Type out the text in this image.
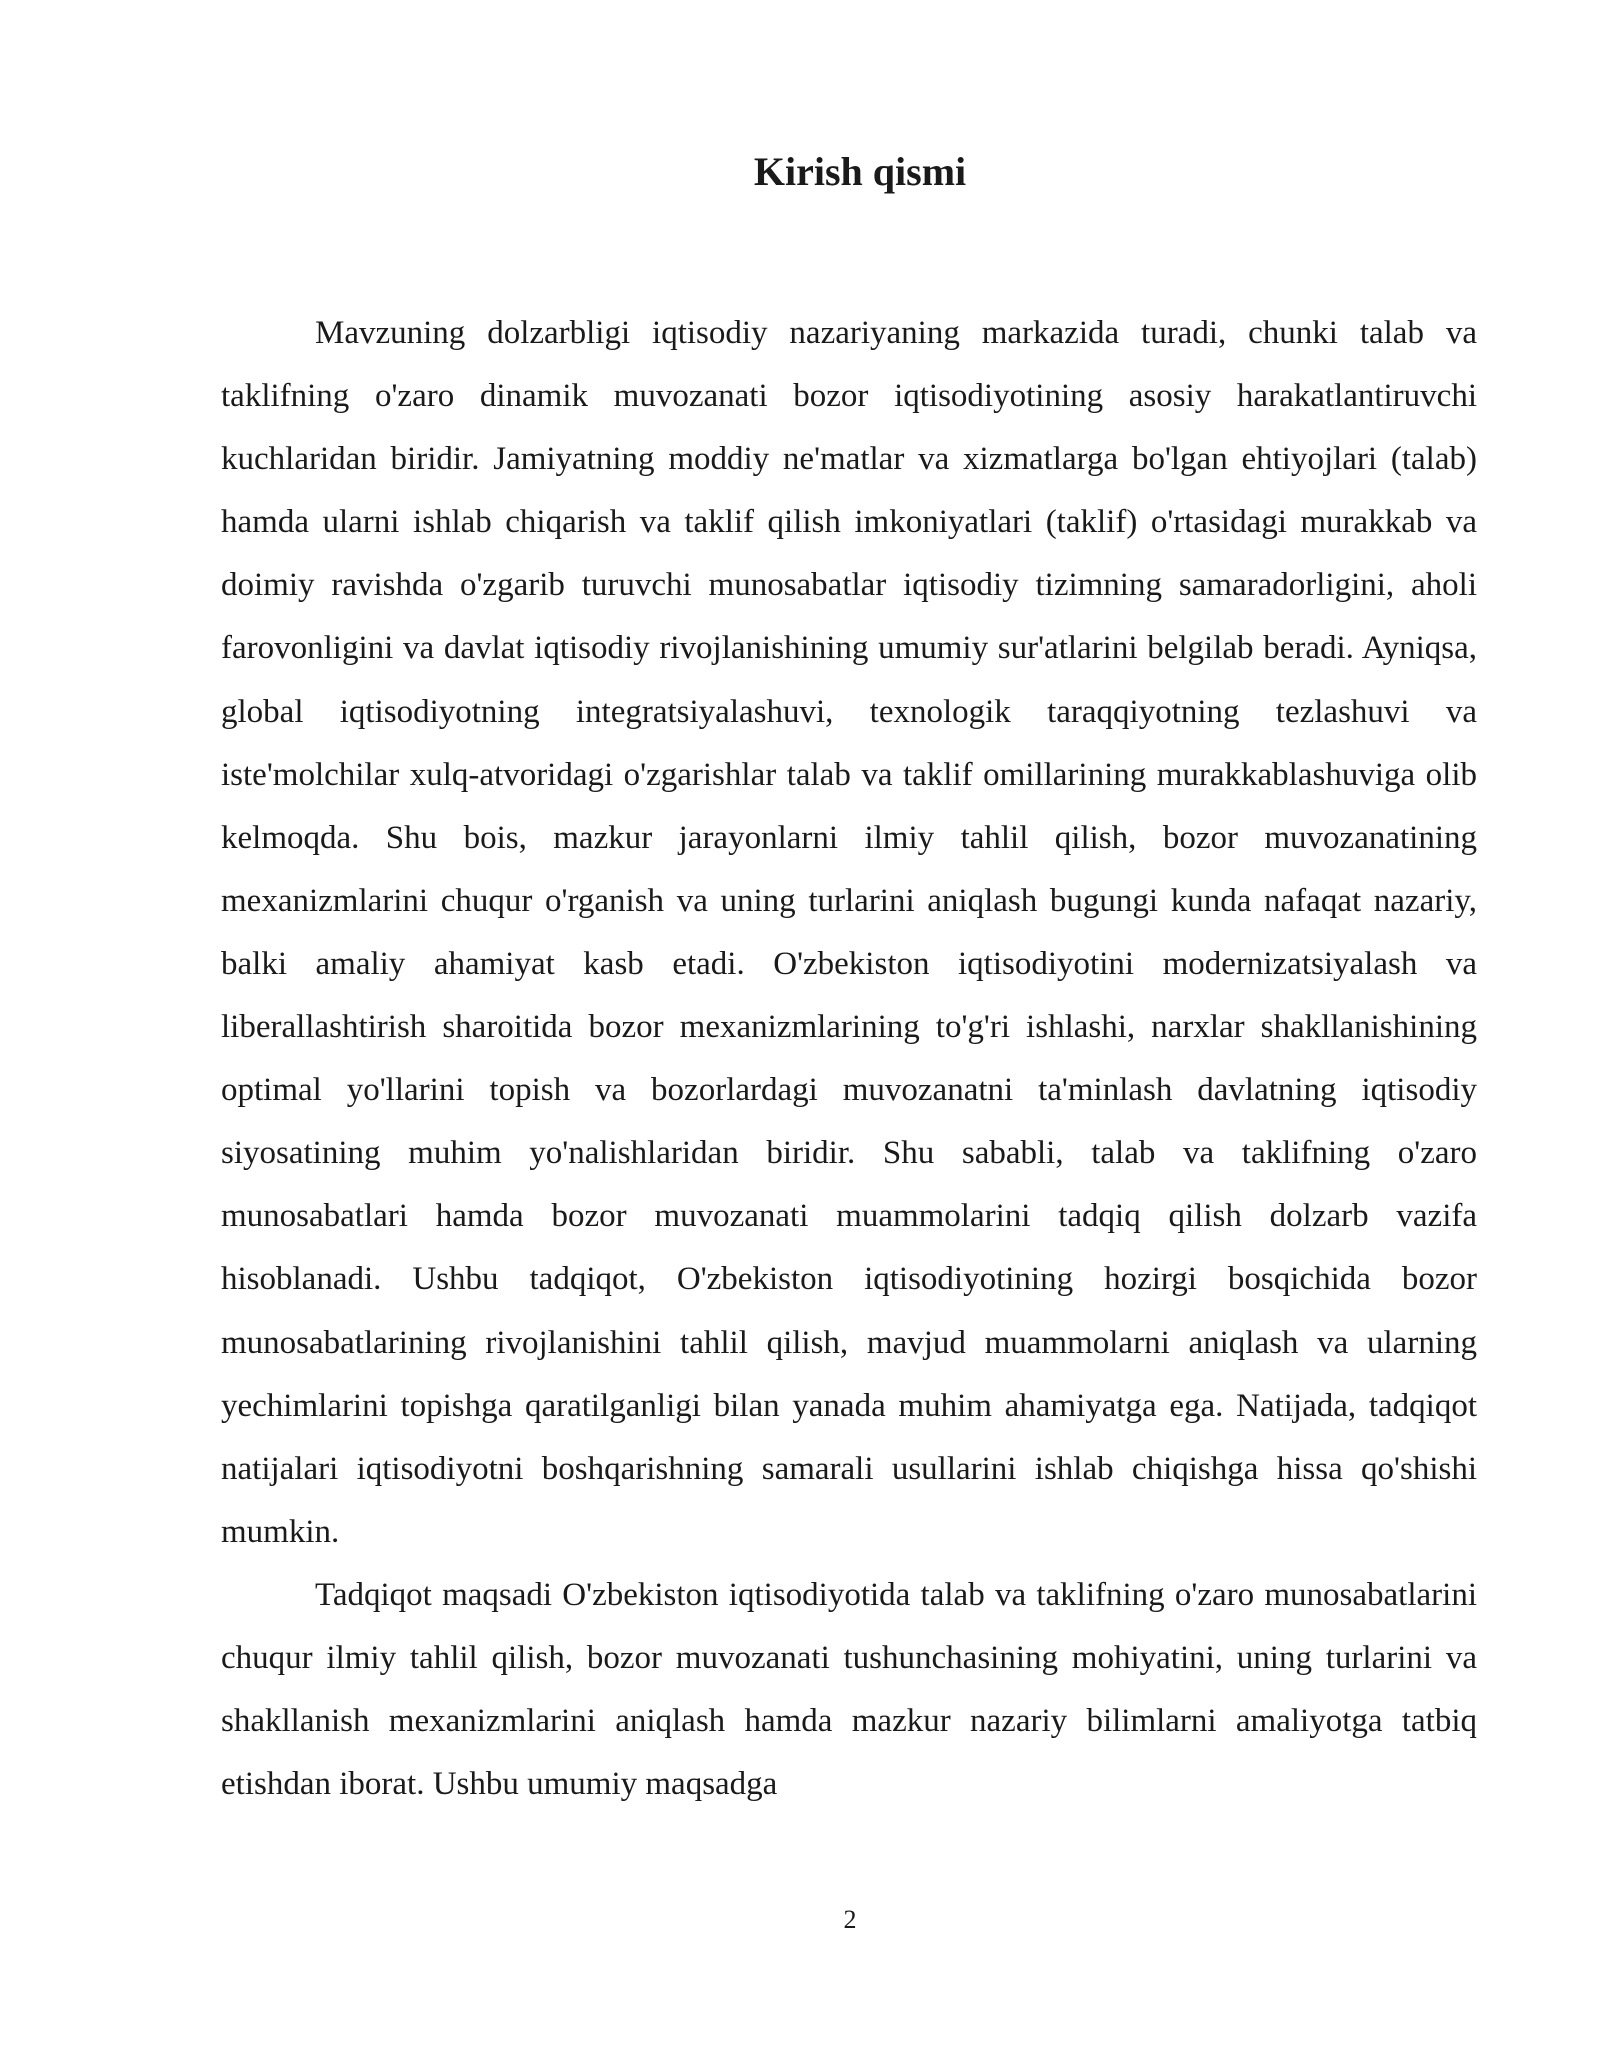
Kirish qismi

Mavzuning dolzarbligi iqtisodiy nazariyaning markazida turadi, chunki talab va taklifning o'zaro dinamik muvozanati bozor iqtisodiyotining asosiy harakatlantiruvchi kuchlaridan biridir. Jamiyatning moddiy ne'matlar va xizmatlarga bo'lgan ehtiyojlari (talab) hamda ularni ishlab chiqarish va taklif qilish imkoniyatlari (taklif) o'rtasidagi murakkab va doimiy ravishda o'zgarib turuvchi munosabatlar iqtisodiy tizimning samaradorligini, aholi farovonligini va davlat iqtisodiy rivojlanishining umumiy sur'atlarini belgilab beradi. Ayniqsa, global iqtisodiyotning integratsiyalashuvi, texnologik taraqqiyotning tezlashuvi va iste'molchilar xulq-atvoridagi o'zgarishlar talab va taklif omillarining murakkablashuviga olib kelmoqda. Shu bois, mazkur jarayonlarni ilmiy tahlil qilish, bozor muvozanatining mexanizmlarini chuqur o'rganish va uning turlarini aniqlash bugungi kunda nafaqat nazariy, balki amaliy ahamiyat kasb etadi. O'zbekiston iqtisodiyotini modernizatsiyalash va liberallashtirish sharoitida bozor mexanizmlarining to'g'ri ishlashi, narxlar shakllanishining optimal yo'llarini topish va bozorlardagi muvozanatni ta'minlash davlatning iqtisodiy siyosatining muhim yo'nalishlaridan biridir. Shu sababli, talab va taklifning o'zaro munosabatlari hamda bozor muvozanati muammolarini tadqiq qilish dolzarb vazifa hisoblanadi. Ushbu tadqiqot, O'zbekiston iqtisodiyotining hozirgi bosqichida bozor munosabatlarining rivojlanishini tahlil qilish, mavjud muammolarni aniqlash va ularning yechimlarini topishga qaratilganligi bilan yanada muhim ahamiyatga ega. Natijada, tadqiqot natijalari iqtisodiyotni boshqarishning samarali usullarini ishlab chiqishga hissa qo'shishi mumkin.

Tadqiqot maqsadi O'zbekiston iqtisodiyotida talab va taklifning o'zaro munosabatlarini chuqur ilmiy tahlil qilish, bozor muvozanati tushunchasining mohiyatini, uning turlarini va shakllanish mexanizmlarini aniqlash hamda mazkur nazariy bilimlarni amaliyotga tatbiq etishdan iborat. Ushbu umumiy maqsadga

2
